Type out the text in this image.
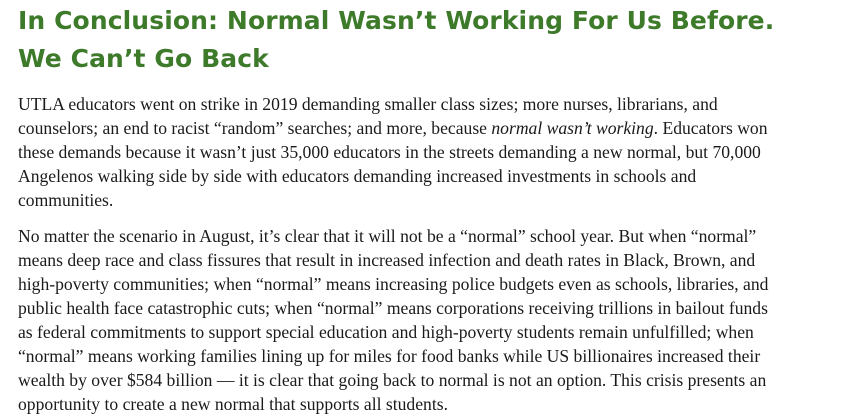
In Conclusion: Normal Wasn’t Working For Us Before.
We Can’t Go Back

UTLA educators went on strike in 2019 demanding smaller class sizes; more nurses, librarians, and
counselors; an end to racist “random” searches; and more, because normal wasn’t working. Educators won
these demands because it wasn’t just 35,000 educators in the streets demanding a new normal, but 70,000
Angelenos walking side by side with educators demanding increased investments in schools and
communities.

No matter the scenario in August, it’s clear that it will not be a “normal” school year. But when “normal”
means deep race and class fissures that result in increased infection and death rates in Black, Brown, and
high-poverty communities; when “normal” means increasing police budgets even as schools, libraries, and
public health face catastrophic cuts; when “normal” means corporations receiving trillions in bailout funds
as federal commitments to support special education and high-poverty students remain unfulfilled; when
“normal” means working families lining up for miles for food banks while US billionaires increased their
wealth by over $584 billion — it is clear that going back to normal is not an option. This crisis presents an
opportunity to create a new normal that supports all students.
